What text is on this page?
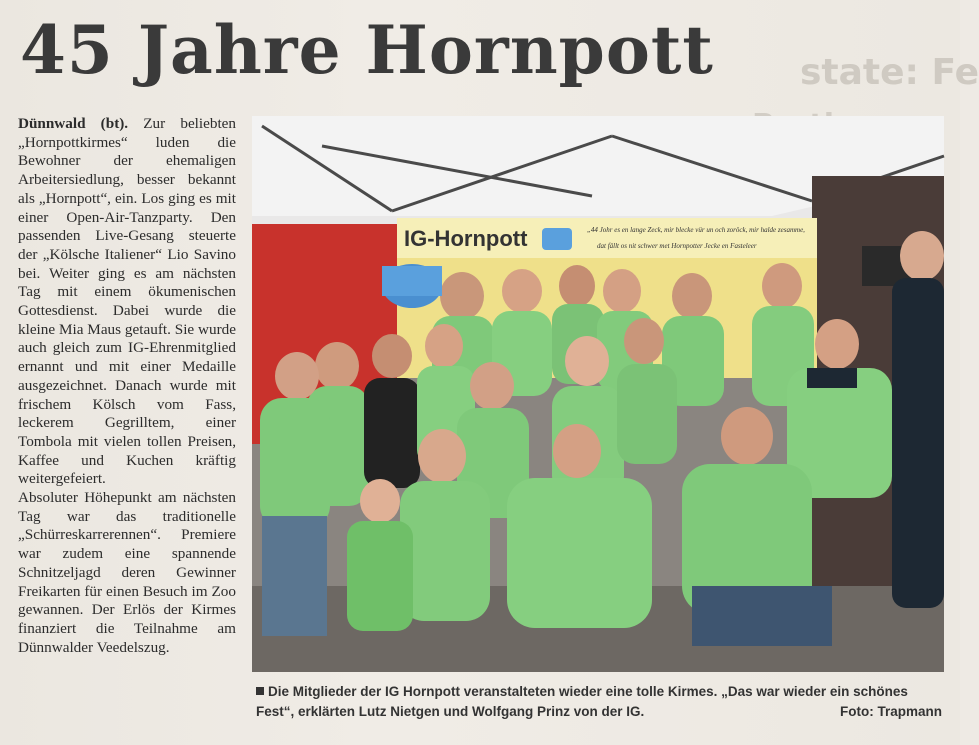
45 Jahre Hornpott state: Fe

Dünnwald (bt). Zur beliebten „Hornpottkirmes“ luden die Bewohner der ehemaligen Arbeitersiedlung, besser bekannt als „Hornpott“, ein. Los ging es mit einer Open-Air-Tanzparty. Den passenden Live-Gesang steuerte der „Kölsche Italiener“ Lio Savino bei. Weiter ging es am nächsten Tag mit einem ökumenischen Gottesdienst. Dabei wurde die kleine Mia Maus getauft. Sie wurde auch gleich zum IG-Ehrenmitglied ernannt und mit einer Medaille ausgezeichnet. Danach wurde mit frischem Kölsch vom Fass, leckerem Gegrilltem, einer Tombola mit vielen tollen Preisen, Kaffee und Kuchen kräftig weitergefeiert.

Absoluter Höhepunkt am nächsten Tag war das traditionelle „Schürreskarrerennen“. Premiere war zudem eine spannende Schnitzeljagd deren Gewinner Freikarten für einen Besuch im Zoo gewannen. Der Erlös der Kirmes finanziert die Teilnahme am Dünnwalder Veedelszug.

IG-Hornpott	„44 Johr es en lange Zeck, mir blecke vür un och zoröck, mir halde zesamme,
dat fällt os nit schwer met Hornpotter Jecke en Fasteleer
Die Mitglieder der IG Hornpott veranstalteten wieder eine tolle Kirmes. „Das war wieder ein schönes Fest“, erklärten Lutz Nietgen und Wolfgang Prinz von der IG.	Foto: Trapmann
